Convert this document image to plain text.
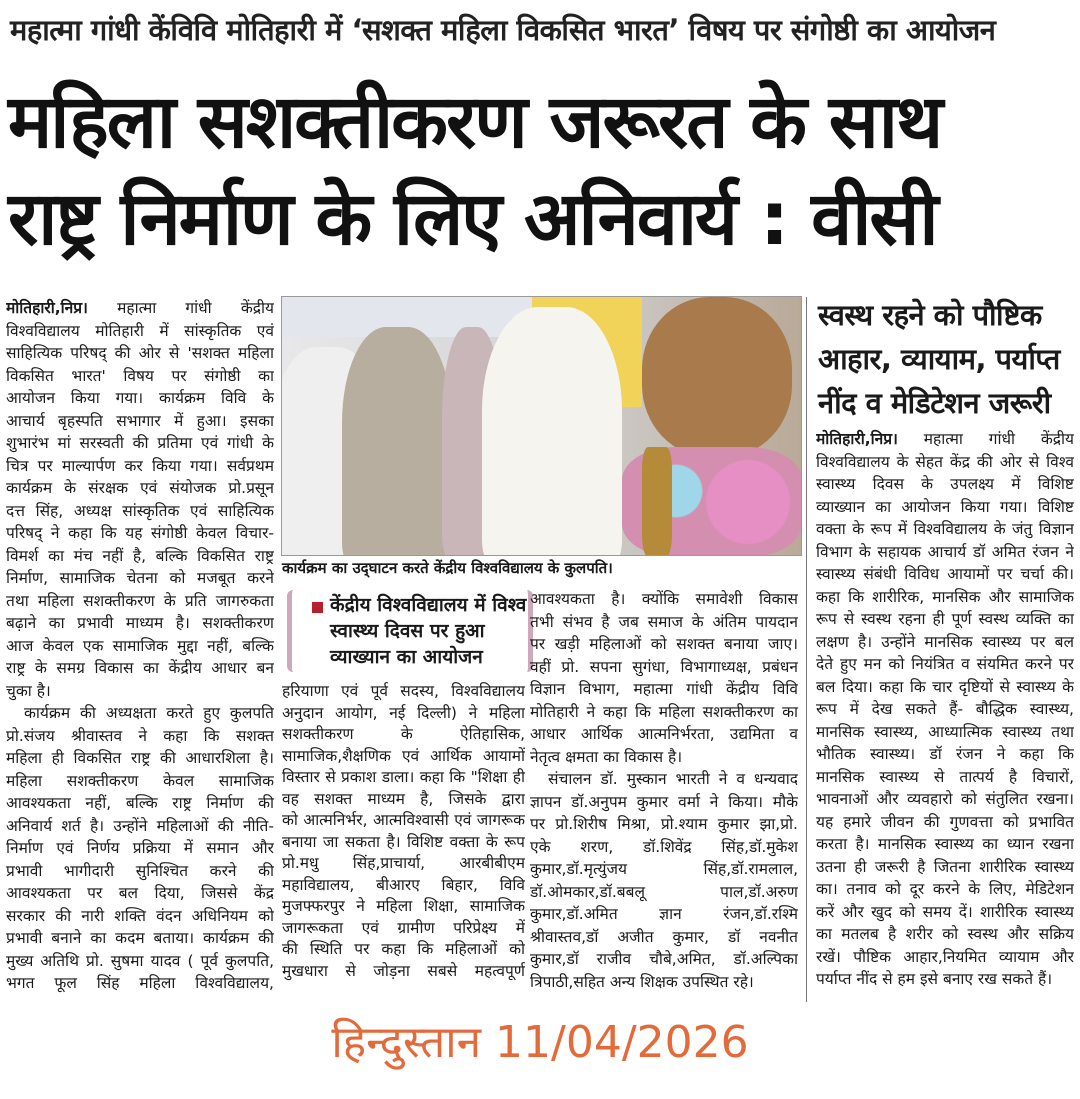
महात्मा गांधी केंविवि मोतिहारी में ‘सशक्त महिला विकसित भारत’ विषय पर संगोष्ठी का आयोजन
महिला सशक्तीकरण जरूरत के साथ
राष्ट्र निर्माण के लिए अनिवार्य : वीसी
मोतिहारी,निप्र। महात्मा गांधी केंद्रीय
विश्वविद्यालय मोतिहारी में सांस्कृतिक एवं
साहित्यिक परिषद् की ओर से 'सशक्त महिला
विकसित भारत' विषय पर संगोष्ठी का
आयोजन किया गया। कार्यक्रम विवि के
आचार्य बृहस्पति सभागार में हुआ। इसका
शुभारंभ मां सरस्वती की प्रतिमा एवं गांधी के
चित्र पर माल्यार्पण कर किया गया। सर्वप्रथम
कार्यक्रम के संरक्षक एवं संयोजक प्रो.प्रसून
दत्त सिंह, अध्यक्ष सांस्कृतिक एवं साहित्यिक
परिषद् ने कहा कि यह संगोष्ठी केवल विचार-
विमर्श का मंच नहीं है, बल्कि विकसित राष्ट्र
निर्माण, सामाजिक चेतना को मजबूत करने
तथा महिला सशक्तीकरण के प्रति जागरुकता
बढ़ाने का प्रभावी माध्यम है। सशक्तीकरण
आज केवल एक सामाजिक मुद्दा नहीं, बल्कि
राष्ट्र के समग्र विकास का केंद्रीय आधार बन
चुका है।
कार्यक्रम की अध्यक्षता करते हुए कुलपति
प्रो.संजय श्रीवास्तव ने कहा कि सशक्त
महिला ही विकसित राष्ट्र की आधारशिला है।
महिला सशक्तीकरण केवल सामाजिक
आवश्यकता नहीं, बल्कि राष्ट्र निर्माण की
अनिवार्य शर्त है। उन्होंने महिलाओं की नीति-
निर्माण एवं निर्णय प्रक्रिया में समान और
प्रभावी भागीदारी सुनिश्चित करने की
आवश्यकता पर बल दिया, जिससे केंद्र
सरकार की नारी शक्ति वंदन अधिनियम को
प्रभावी बनाने का कदम बताया। कार्यक्रम की
मुख्य अतिथि प्रो. सुषमा यादव ( पूर्व कुलपति,
भगत फूल सिंह महिला विश्वविद्यालय,
कार्यक्रम का उद्‌घाटन करते केंद्रीय विश्वविद्यालय के कुलपति।
केंद्रीय विश्वविद्यालय में विश्व
स्वास्थ्य दिवस पर हुआ
व्याख्यान का आयोजन
हरियाणा एवं पूर्व सदस्य, विश्वविद्यालय
अनुदान आयोग, नई दिल्ली) ने महिला
सशक्तीकरण के ऐतिहासिक,
सामाजिक,शैक्षणिक एवं आर्थिक आयामों
विस्तार से प्रकाश डाला। कहा कि "शिक्षा ही
वह सशक्त माध्यम है, जिसके द्वारा
को आत्मनिर्भर, आत्मविश्वासी एवं जागरूक
बनाया जा सकता है। विशिष्ट वक्ता के रूप
प्रो.मधु सिंह,प्राचार्या, आरबीबीएम
महाविद्यालय, बीआरए बिहार, विवि
मुजफ्फरपुर ने महिला शिक्षा, सामाजिक
जागरूकता एवं ग्रामीण परिप्रेक्ष्य में
की स्थिति पर कहा कि महिलाओं को
मुखधारा से जोड़ना सबसे महत्वपूर्ण
आवश्यकता है। क्योंकि समावेशी विकास
तभी संभव है जब समाज के अंतिम पायदान
पर खड़ी महिलाओं को सशक्त बनाया जाए।
वहीं प्रो. सपना सुगंधा, विभागाध्यक्ष, प्रबंधन
विज्ञान विभाग, महात्मा गांधी केंद्रीय विवि
मोतिहारी ने कहा कि महिला सशक्तीकरण का
आधार आर्थिक आत्मनिर्भरता, उद्यमिता व
नेतृत्व क्षमता का विकास है।
संचालन डॉ. मुस्कान भारती ने व धन्यवाद
ज्ञापन डॉ.अनुपम कुमार वर्मा ने किया। मौके
पर प्रो.शिरीष मिश्रा, प्रो.श्याम कुमार झा,प्रो.
एके शरण, डॉ.शिवेंद्र सिंह,डॉ.मुकेश
कुमार,डॉ.मृत्युंजय सिंह,डॉ.रामलाल,
डॉ.ओमकार,डॉ.बबलू पाल,डॉ.अरुण
कुमार,डॉ.अमित ज्ञान रंजन,डॉ.रश्मि
श्रीवास्तव,डॉ अजीत कुमार, डॉ नवनीत
कुमार,डॉ राजीव चौबे,अमित, डॉ.अल्पिका
त्रिपाठी,सहित अन्य शिक्षक उपस्थित रहे।
स्वस्थ रहने को पौष्टिक
आहार, व्यायाम, पर्याप्त
नींद व मेडिटेशन जरूरी
मोतिहारी,निप्र। महात्मा गांधी केंद्रीय
विश्वविद्यालय के सेहत केंद्र की ओर से विश्व
स्वास्थ्य दिवस के उपलक्ष्य में विशिष्ट
व्याख्यान का आयोजन किया गया। विशिष्ट
वक्ता के रूप में विश्वविद्यालय के जंतु विज्ञान
विभाग के सहायक आचार्य डॉ अमित रंजन ने
स्वास्थ्य संबंधी विविध आयामों पर चर्चा की।
कहा कि शारीरिक, मानसिक और सामाजिक
रूप से स्वस्थ रहना ही पूर्ण स्वस्थ व्यक्ति का
लक्षण है। उन्होंने मानसिक स्वास्थ्य पर बल
देते हुए मन को नियंत्रित व संयमित करने पर
बल दिया। कहा कि चार दृष्टियों से स्वास्थ्य के
रूप में देख सकते हैं- बौद्धिक स्वास्थ्य,
मानसिक स्वास्थ्य, आध्यात्मिक स्वास्थ्य तथा
भौतिक स्वास्थ्य। डॉ रंजन ने कहा कि
मानसिक स्वास्थ्य से तात्पर्य है विचारों,
भावनाओं और व्यवहारो को संतुलित रखना।
यह हमारे जीवन की गुणवत्ता को प्रभावित
करता है। मानसिक स्वास्थ्य का ध्यान रखना
उतना ही जरूरी है जितना शारीरिक स्वास्थ्य
का। तनाव को दूर करने के लिए, मेडिटेशन
करें और खुद को समय दें। शारीरिक स्वास्थ्य
का मतलब है शरीर को स्वस्थ और सक्रिय
रखें। पौष्टिक आहार,नियमित व्यायाम और
पर्याप्त नींद से हम इसे बनाए रख सकते हैं।
हिन्दुस्तान 11/04/2026
